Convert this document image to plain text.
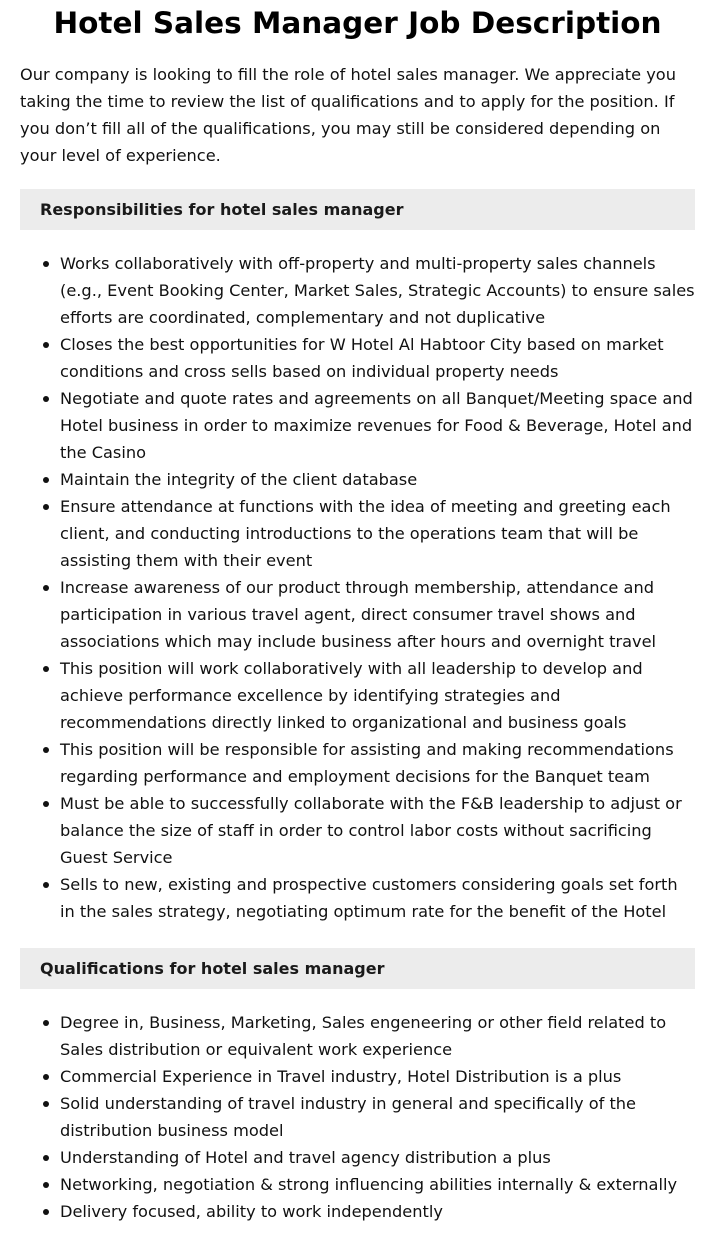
Hotel Sales Manager Job Description

Our company is looking to fill the role of hotel sales manager. We appreciate you taking the time to review the list of qualifications and to apply for the position. If you don’t fill all of the qualifications, you may still be considered depending on your level of experience.

Responsibilities for hotel sales manager
Works collaboratively with off-property and multi-property sales channels (e.g., Event Booking Center, Market Sales, Strategic Accounts) to ensure sales efforts are coordinated, complementary and not duplicative
Closes the best opportunities for W Hotel Al Habtoor City based on market conditions and cross sells based on individual property needs
Negotiate and quote rates and agreements on all Banquet/Meeting space and Hotel business in order to maximize revenues for Food & Beverage, Hotel and the Casino
Maintain the integrity of the client database
Ensure attendance at functions with the idea of meeting and greeting each client, and conducting introductions to the operations team that will be assisting them with their event
Increase awareness of our product through membership, attendance and participation in various travel agent, direct consumer travel shows and associations which may include business after hours and overnight travel
This position will work collaboratively with all leadership to develop and achieve performance excellence by identifying strategies and recommendations directly linked to organizational and business goals
This position will be responsible for assisting and making recommendations regarding performance and employment decisions for the Banquet team
Must be able to successfully collaborate with the F&B leadership to adjust or balance the size of staff in order to control labor costs without sacrificing Guest Service
Sells to new, existing and prospective customers considering goals set forth in the sales strategy, negotiating optimum rate for the benefit of the Hotel
Qualifications for hotel sales manager
Degree in, Business, Marketing, Sales engeneering or other field related to Sales distribution or equivalent work experience
Commercial Experience in Travel industry, Hotel Distribution is a plus
Solid understanding of travel industry in general and specifically of the distribution business model
Understanding of Hotel and travel agency distribution a plus
Networking, negotiation & strong influencing abilities internally & externally
Delivery focused, ability to work independently
